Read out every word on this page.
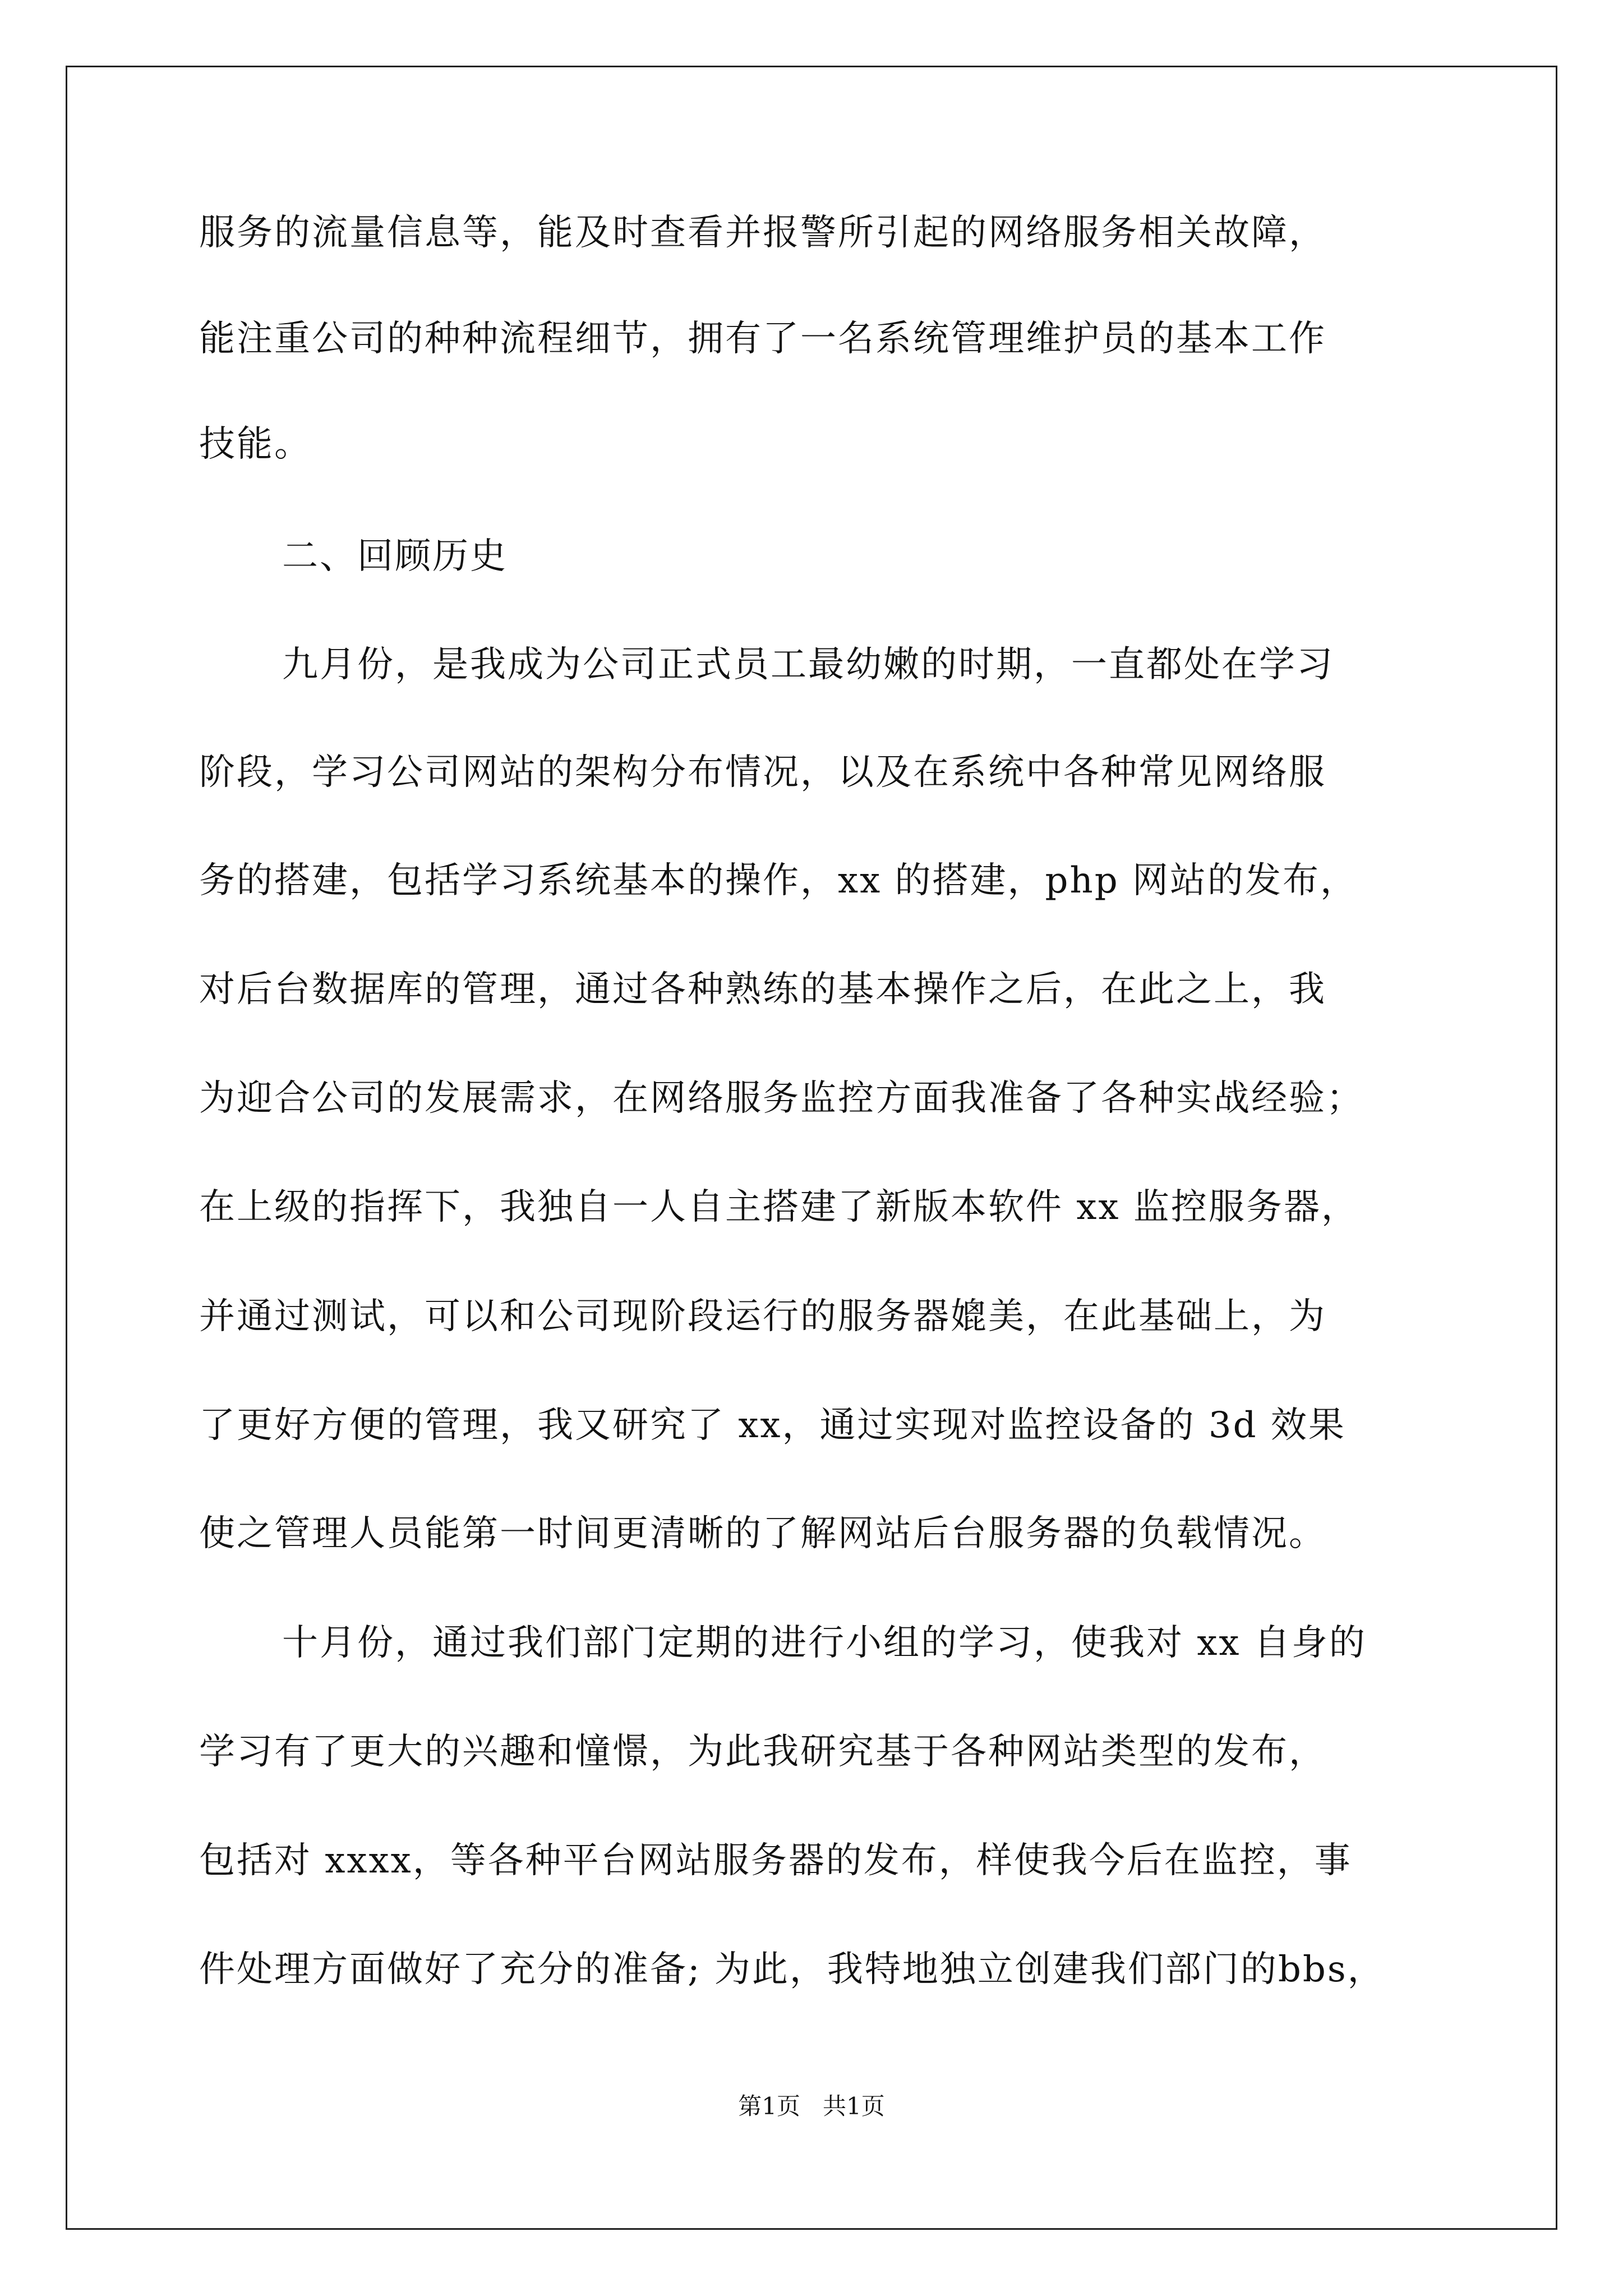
服务的流量信息等，能及时查看并报警所引起的网络服务相关故障，
能注重公司的种种流程细节，拥有了一名系统管理维护员的基本工作
技能。
二、回顾历史
九月份，是我成为公司正式员工最幼嫩的时期，一直都处在学习
阶段，学习公司网站的架构分布情况，以及在系统中各种常见网络服
务的搭建，包括学习系统基本的操作，xx 的搭建，php 网站的发布，
对后台数据库的管理，通过各种熟练的基本操作之后，在此之上，我
为迎合公司的发展需求，在网络服务监控方面我准备了各种实战经验；
在上级的指挥下，我独自一人自主搭建了新版本软件 xx 监控服务器，
并通过测试，可以和公司现阶段运行的服务器媲美，在此基础上，为
了更好方便的管理，我又研究了 xx，通过实现对监控设备的 3d 效果
使之管理人员能第一时间更清晰的了解网站后台服务器的负载情况。
十月份，通过我们部门定期的进行小组的学习，使我对 xx 自身的
学习有了更大的兴趣和憧憬，为此我研究基于各种网站类型的发布，
包括对 xxxx，等各种平台网站服务器的发布，样使我今后在监控，事
件处理方面做好了充分的准备; 为此，我特地独立创建我们部门的bbs，
第1页   共1页
